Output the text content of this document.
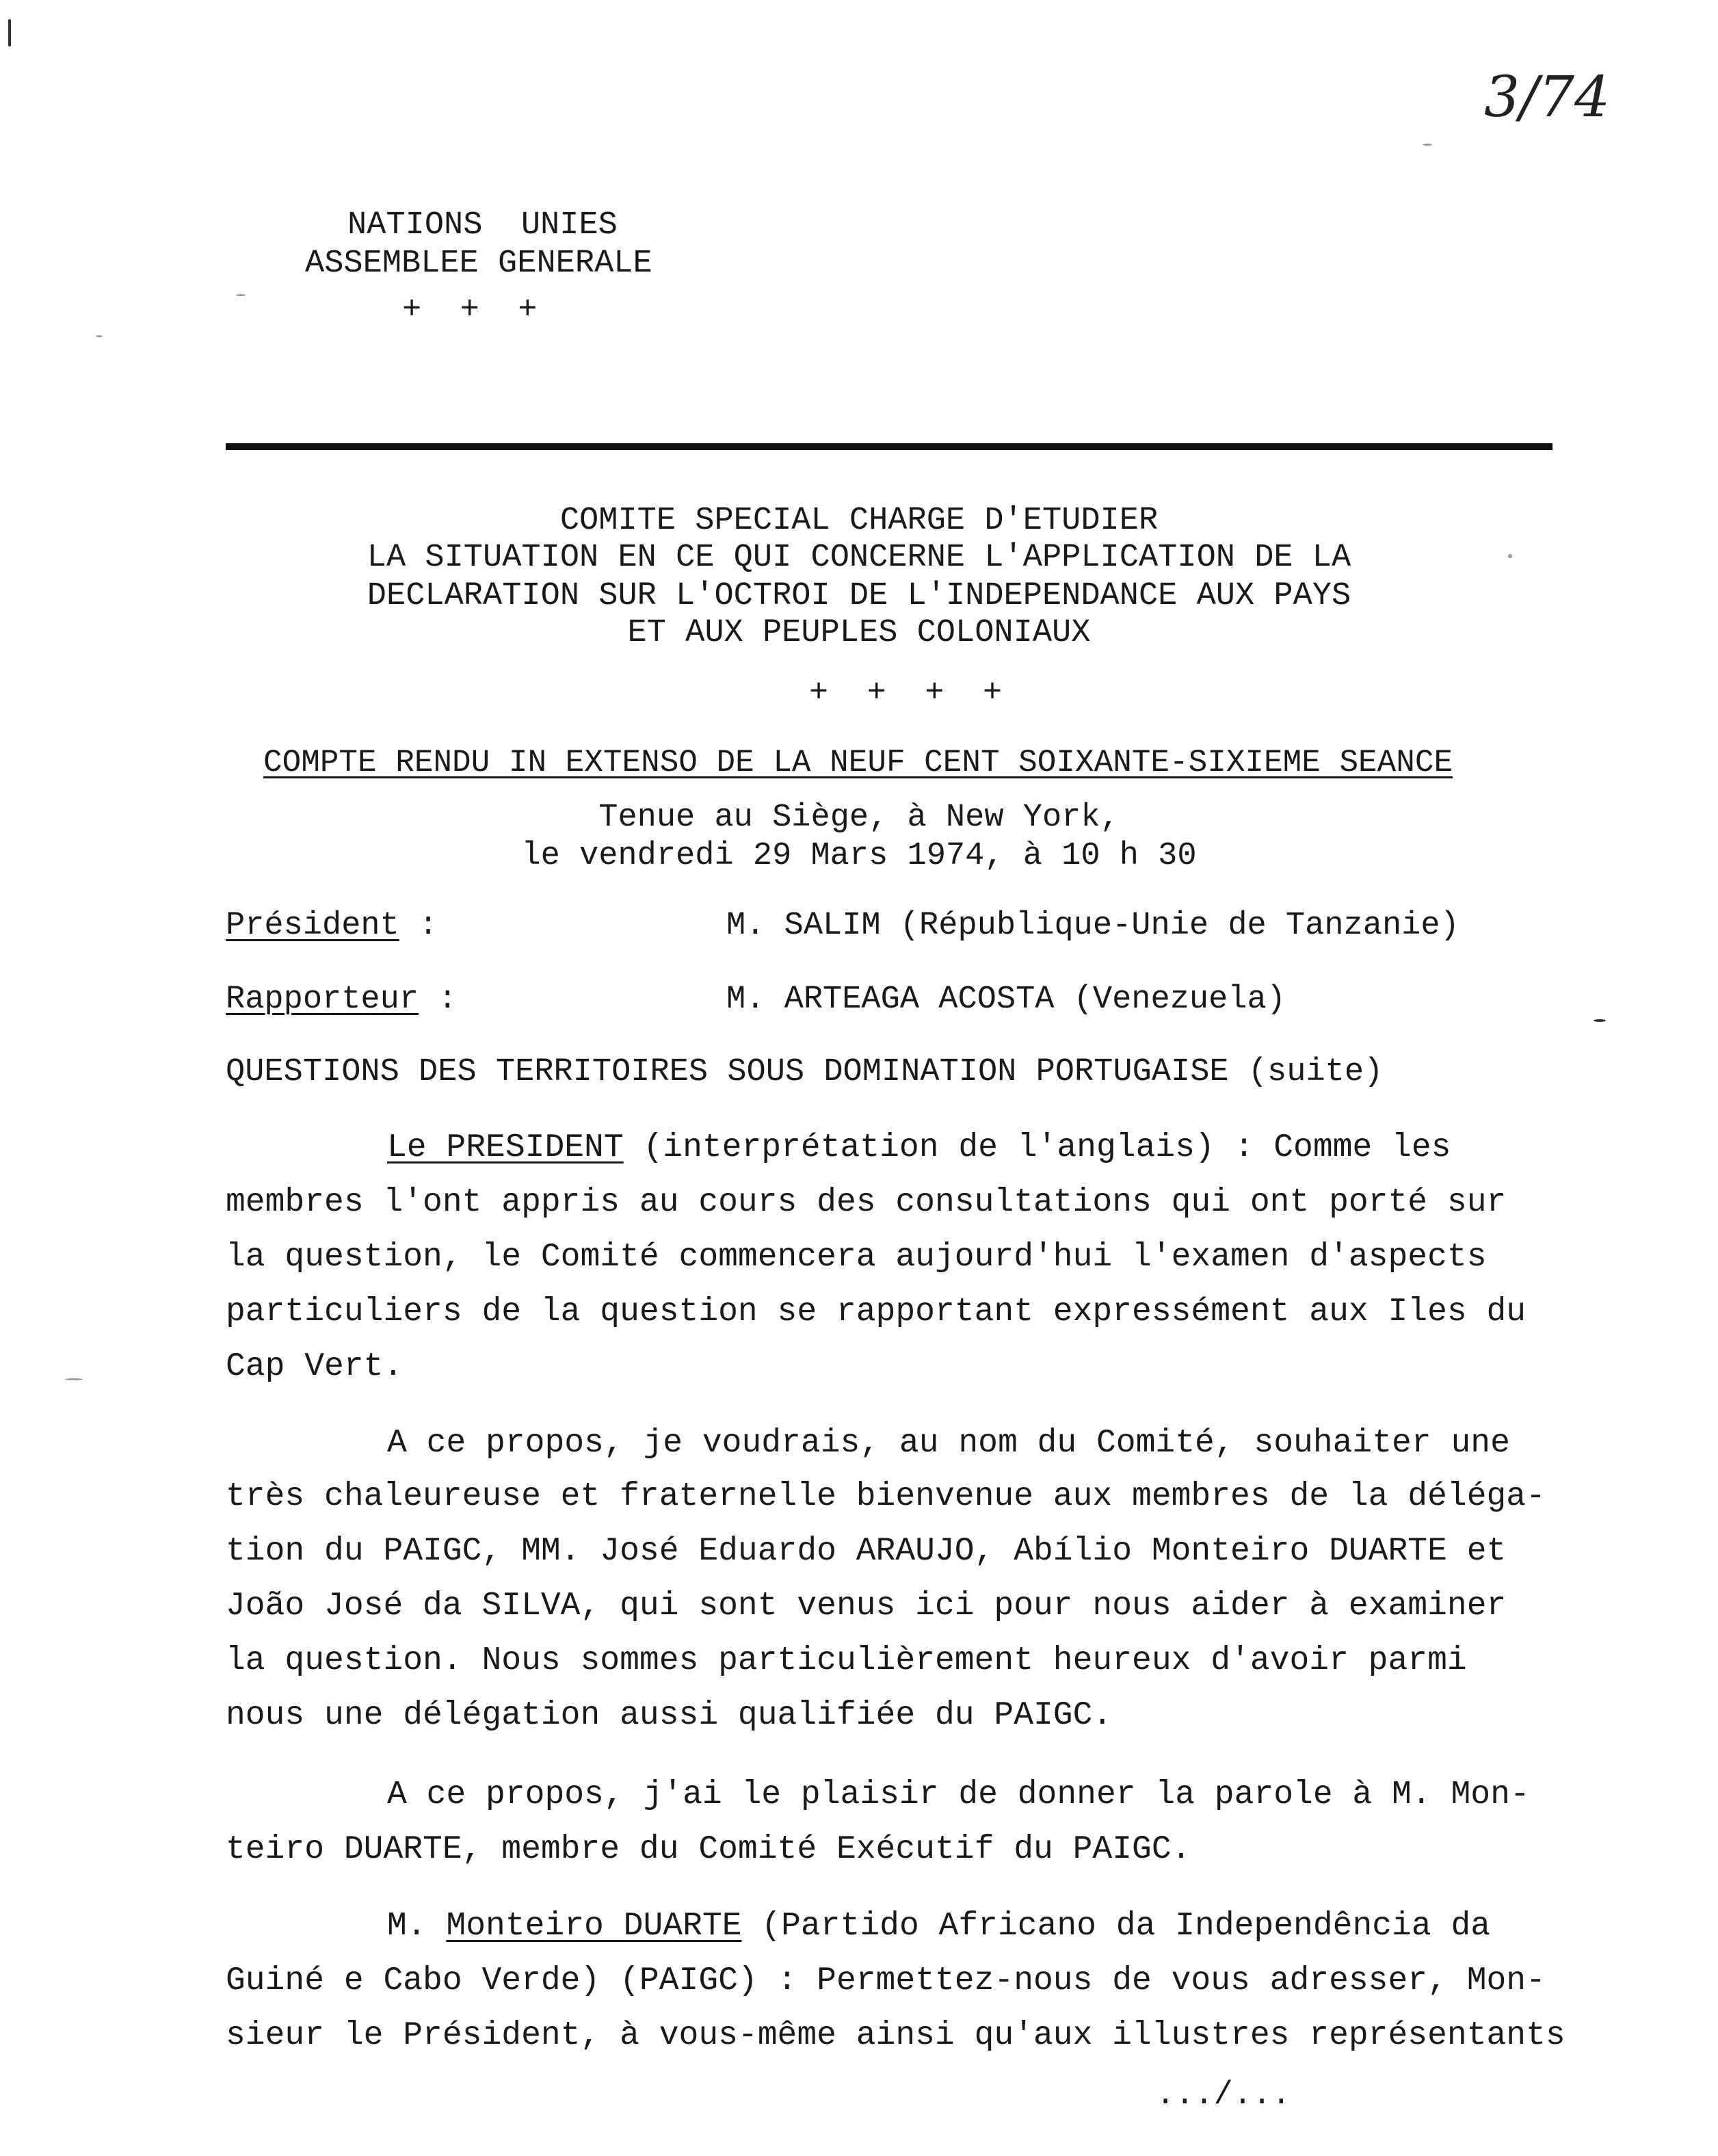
3/74
NATIONS  UNIES
ASSEMBLEE GENERALE
+  +  +
COMITE SPECIAL CHARGE D'ETUDIER
LA SITUATION EN CE QUI CONCERNE L'APPLICATION DE LA
DECLARATION SUR L'OCTROI DE L'INDEPENDANCE AUX PAYS
ET AUX PEUPLES COLONIAUX
+  +  +  +
COMPTE RENDU IN EXTENSO DE LA NEUF CENT SOIXANTE-SIXIEME SEANCE
Tenue au Siège, à New York,
le vendredi 29 Mars 1974, à 10 h 30
Président :	M. SALIM (République-Unie de Tanzanie)
Rapporteur :	M. ARTEAGA ACOSTA (Venezuela)
QUESTIONS DES TERRITOIRES SOUS DOMINATION PORTUGAISE (suite)
Le PRESIDENT (interprétation de l'anglais) : Comme les
membres l'ont appris au cours des consultations qui ont porté sur
la question, le Comité commencera aujourd'hui l'examen d'aspects
particuliers de la question se rapportant expressément aux Iles du
Cap Vert.
A ce propos, je voudrais, au nom du Comité, souhaiter une
très chaleureuse et fraternelle bienvenue aux membres de la déléga-
tion du PAIGC, MM. José Eduardo ARAUJO, Abílio Monteiro DUARTE et
João José da SILVA, qui sont venus ici pour nous aider à examiner
la question. Nous sommes particulièrement heureux d'avoir parmi
nous une délégation aussi qualifiée du PAIGC.
A ce propos, j'ai le plaisir de donner la parole à M. Mon-
teiro DUARTE, membre du Comité Exécutif du PAIGC.
M. Monteiro DUARTE (Partido Africano da Independência da
Guiné e Cabo Verde) (PAIGC) : Permettez-nous de vous adresser, Mon-
sieur le Président, à vous-même ainsi qu'aux illustres représentants
.../...
